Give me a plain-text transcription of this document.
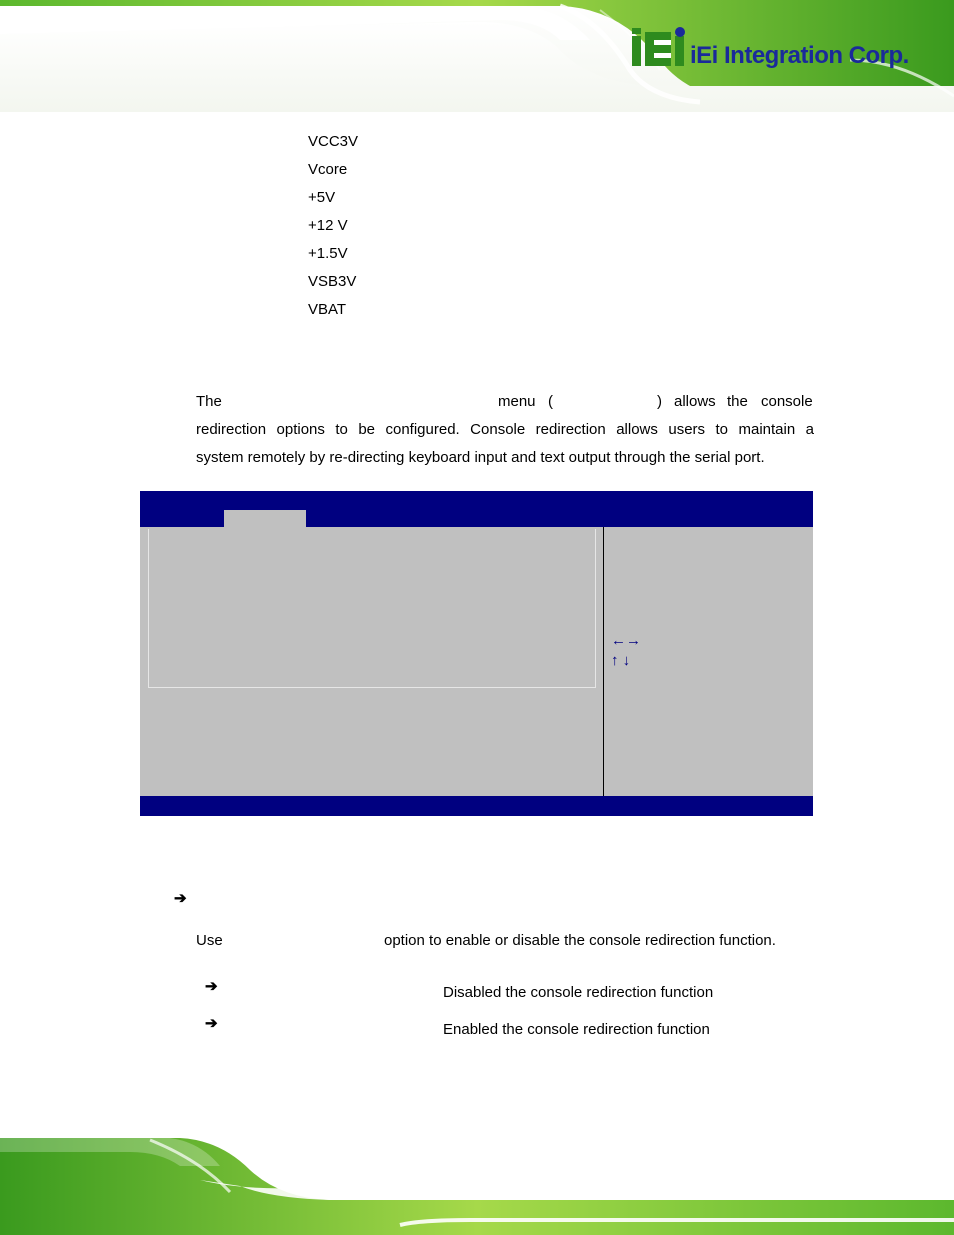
iEi Integration Corp.
VCC3V
Vcore
+5V
+12 V
+1.5V
VSB3V
VBAT
The	menu (	) allows the console
redirection options to be configured. Console redirection allows users to maintain a
system remotely by re-directing keyboard input and text output through the serial port.
←→
↑ ↓
➔
Use	option to enable or disable the console redirection function.
➔	Disabled the console redirection function
➔	Enabled the console redirection function
